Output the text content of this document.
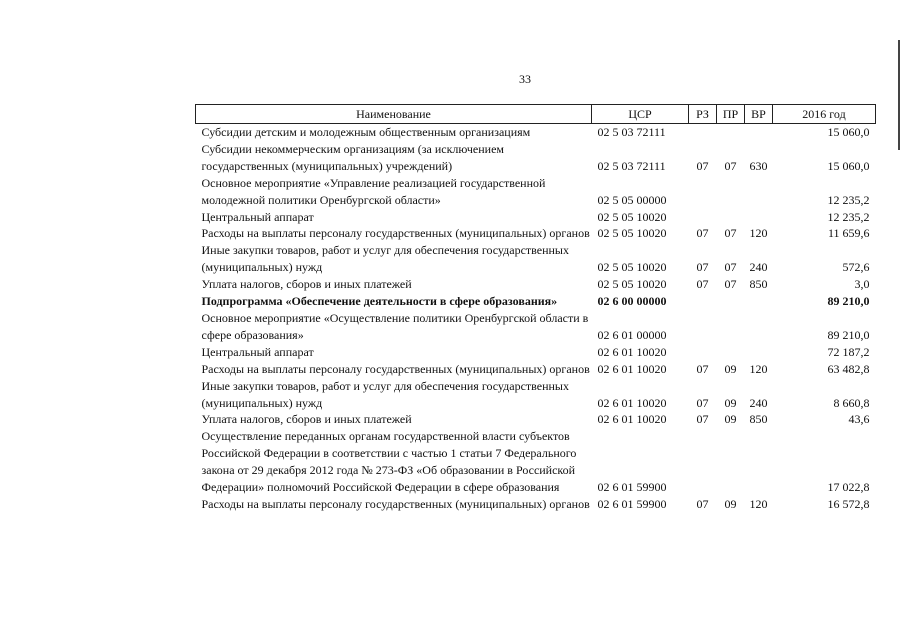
33
Наименование	ЦСР	РЗ	ПР	ВР	2016 год
Субсидии детским и молодежным общественным организациям	02 5 03 72111				15 060,0
Субсидии некоммерческим организациям (за исключением государственных (муниципальных) учреждений)	02 5 03 72111	07	07	630	15 060,0
Основное мероприятие «Управление реализацией государственной молодежной политики Оренбургской области»	02 5 05 00000				12 235,2
Центральный аппарат	02 5 05 10020				12 235,2
Расходы на выплаты персоналу государственных (муниципальных) органов	02 5 05 10020	07	07	120	11 659,6
Иные закупки товаров, работ и услуг для обеспечения государственных (муниципальных) нужд	02 5 05 10020	07	07	240	572,6
Уплата налогов, сборов и иных платежей	02 5 05 10020	07	07	850	3,0
Подпрограмма «Обеспечение деятельности в сфере образования»	02 6 00 00000				89 210,0
Основное мероприятие «Осуществление политики Оренбургской области в сфере образования»	02 6 01 00000				89 210,0
Центральный аппарат	02 6 01 10020				72 187,2
Расходы на выплаты персоналу государственных (муниципальных) органов	02 6 01 10020	07	09	120	63 482,8
Иные закупки товаров, работ и услуг для обеспечения государственных (муниципальных) нужд	02 6 01 10020	07	09	240	8 660,8
Уплата налогов, сборов и иных платежей	02 6 01 10020	07	09	850	43,6
Осуществление переданных органам государственной власти субъектов Российской Федерации в соответствии с частью 1 статьи 7 Федерального закона от 29 декабря 2012 года № 273-ФЗ «Об образовании в Российской Федерации» полномочий Российской Федерации в сфере образования	02 6 01 59900				17 022,8
Расходы на выплаты персоналу государственных (муниципальных) органов	02 6 01 59900	07	09	120	16 572,8
